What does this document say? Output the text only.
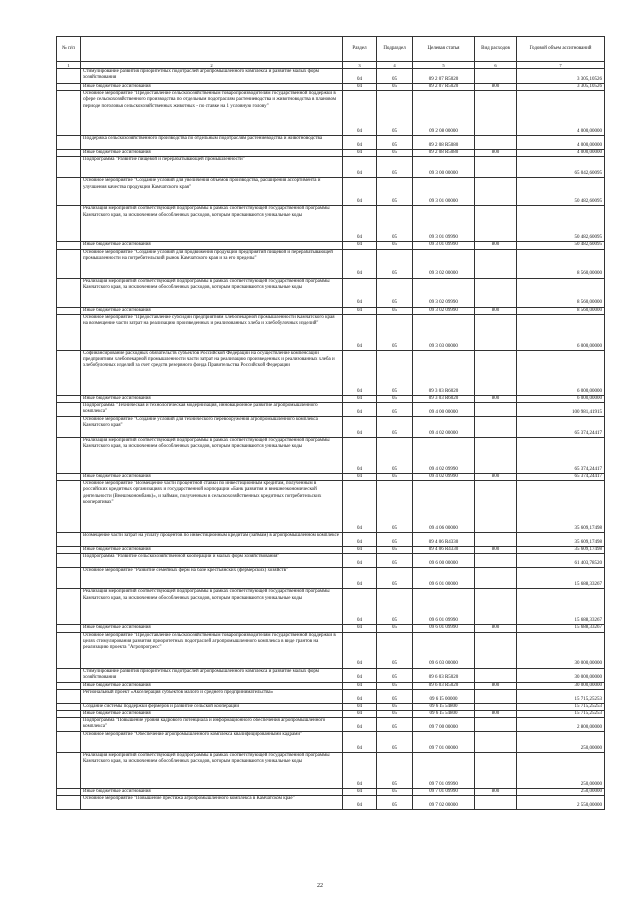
№ п/п		Раздел	Подраздел	Целевая статья	Вид расходов	Годовой объем ассигнований
1	2	3	4	5	6	7
	Стимулирование развития приоритетных подотраслей агропромышленного комплекса и развитие малых форм хозяйствования	04	05	09 2 07 R5020		3 305,10526
	Иные бюджетные ассигнования	04	05	09 2 07 R5020	800	3 305,10526
	Основное мероприятие "Предоставление сельскохозяйственным товаропроизводителям государственной поддержки в сфере сельскохозяйственного производства по отдельным подотраслям растениеводства и животноводства в плановом периоде поголовья сельскохозяйственных животных - по ставке на 1 условную голову"	04	05	09 2 08 00000		4 000,00000
	Поддержка сельскохозяйственного производства по отдельным подотраслям растениеводства и животноводства	04	05	09 2 08 R5080		4 000,00000
	Иные бюджетные ассигнования	04	05	09 2 08 R5080	800	4 000,00000
	Подпрограмма "Развитие пищевой и перерабатывающей промышленности"	04	05	09 3 00 00000		65 042,60095
	Основное мероприятие "Создание условий для увеличения объемов производства, расширения ассортимента и улучшения качества продукции Камчатского края"	04	05	09 3 01 00000		50 482,60095
	Реализация мероприятий соответствующей подпрограммы в рамках соответствующей государственной программы Камчатского края, за исключением обособленных расходов, которым присваиваются уникальные коды	04	05	09 3 01 09990		50 482,60095
	Иные бюджетные ассигнования	04	05	09 3 01 09990	800	50 482,60095
	Основное мероприятие "Создание условий для продвижения продукции предприятий пищевой и перерабатывающей промышленности на потребительский рынок Камчатского края и за его пределы"	04	05	09 3 02 00000		8 560,00000
	Реализация мероприятий соответствующей подпрограммы в рамках соответствующей государственной программы Камчатского края, за исключением обособленных расходов, которым присваиваются уникальные коды	04	05	09 3 02 09990		8 560,00000
	Иные бюджетные ассигнования	04	05	09 3 02 09990	800	8 560,00000
	Основное мероприятие "Предоставление субсидии предприятиям хлебопекарной промышленности Камчатского края на возмещение части затрат на реализацию произведенных и реализованных хлеба и хлебобулочных изделий"	04	05	09 3 03 00000		6 000,00000
	Софинансирование расходных обязательств субъектов Российской Федерации на осуществление компенсации предприятиям хлебопекарной промышленности части затрат на реализацию произведенных и реализованных хлеба и хлебобулочных изделий за счет средств резервного фонда Правительства Российской Федерации	04	05	09 3 03 R6020		6 000,00000
	Иные бюджетные ассигнования	04	05	09 3 03 R6020	800	6 000,00000
	Подпрограмма "Техническая и технологическая модернизация, инновационное развитие агропромышленного комплекса"	04	05	09 4 00 00000		100 981,41915
	Основное мероприятие "Создание условий для технического перевооружения агропромышленного комплекса Камчатского края"	04	05	09 4 02 00000		65 374,24417
	Реализация мероприятий соответствующей подпрограммы в рамках соответствующей государственной программы Камчатского края, за исключением обособленных расходов, которым присваиваются уникальные коды	04	05	09 4 02 09990		65 374,24417
	Иные бюджетные ассигнования	04	05	09 4 02 09990	800	65 374,24417
	Основное мероприятие "Возмещение части процентной ставки по инвестиционным кредитам, полученным в российских кредитных организациях и государственной корпорации «Банк развития и внешнеэкономической деятельности (Внешэкономбанк)», и займам, полученным в сельскохозяйственных кредитных потребительских кооперативах"	04	05	09 4 06 00000		35 609,17498
	Возмещение части затрат на уплату процентов по инвестиционным кредитам (займам) в агропромышленном комплексе	04	05	09 4 06 R4330		35 609,17498
	Иные бюджетные ассигнования	04	05	09 4 06 R4330	800	35 609,17498
	Подпрограмма "Развитие сельскохозяйственной кооперации и малых форм хозяйствования"	04	05	09 6 00 00000		61 403,78520
	Основное мероприятие "Развитие семейных ферм на базе крестьянских (фермерских) хозяйств"	04	05	09 6 01 00000		15 688,33267
	Реализация мероприятий соответствующей подпрограммы в рамках соответствующей государственной программы Камчатского края, за исключением обособленных расходов, которым присваиваются уникальные коды	04	05	09 6 01 09990		15 688,33267
	Иные бюджетные ассигнования	04	05	09 6 01 09990	800	15 688,33267
	Основное мероприятие "Предоставление сельскохозяйственным товаропроизводителям государственной поддержки в целях стимулирования развития приоритетных подотраслей агропромышленного комплекса в виде грантов на реализацию проекта "Агропрогресс"	04	05	09 6 03 00000		30 000,00000
	Стимулирование развития приоритетных подотраслей агропромышленного комплекса и развитие малых форм хозяйствования	04	05	09 6 03 R5020		30 000,00000
	Иные бюджетные ассигнования	04	05	09 6 03 R5020	800	30 000,00000
	Региональный проект «Акселерация субъектов малого и среднего предпринимательства»	04	05	09 6 I5 00000		15 715,25253
	Создание системы поддержки фермеров и развитие сельской кооперации	04	05	09 6 I5 54800		15 715,25253
	Иные бюджетные ассигнования	04	05	09 6 I5 54800	800	15 715,25253
	Подпрограмма "Повышение уровня кадрового потенциала и информационного обеспечения агропромышленного комплекса"	04	05	09 7 00 00000		2 800,00000
	Основное мероприятие "Обеспечение агропромышленного комплекса квалифицированными кадрами"	04	05	09 7 01 00000		250,00000
	Реализация мероприятий соответствующей подпрограммы в рамках соответствующей государственной программы Камчатского края, за исключением обособленных расходов, которым присваиваются уникальные коды	04	05	09 7 01 09990		250,00000
	Иные бюджетные ассигнования	04	05	09 7 01 09990	800	250,00000
	Основное мероприятие "Повышение престижа агропромышленного комплекса в Камчатском крае"	04	05	09 7 02 00000		2 550,00000
22
